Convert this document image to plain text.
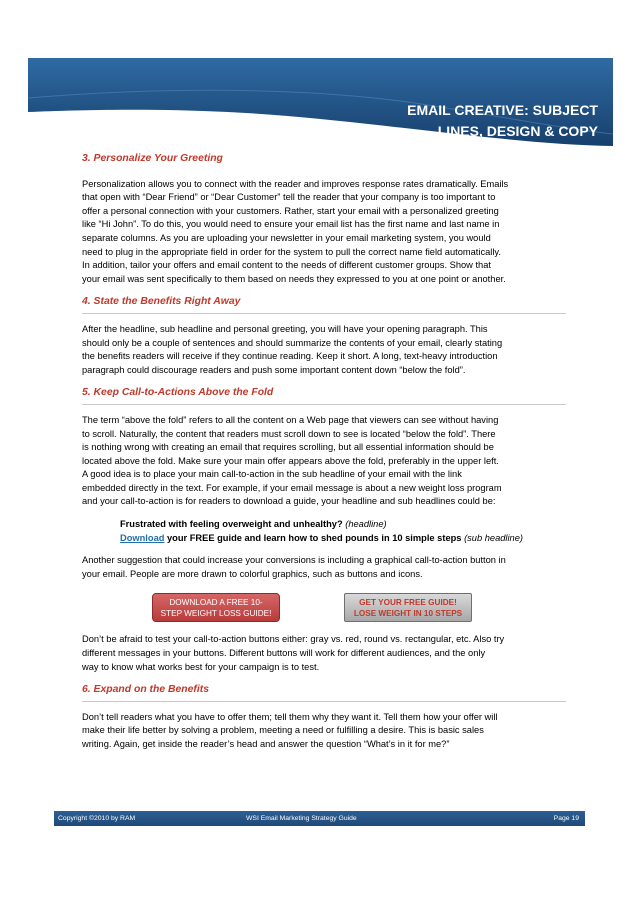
EMAIL CREATIVE: SUBJECT
LINES, DESIGN & COPY

3. Personalize Your Greeting

Personalization allows you to connect with the reader and improves response rates dramatically. Emails

that open with “Dear Friend” or “Dear Customer” tell the reader that your company is too important to

offer a personal connection with your customers. Rather, start your email with a personalized greeting

like “Hi John”. To do this, you would need to ensure your email list has the first name and last name in

separate columns. As you are uploading your newsletter in your email marketing system, you would

need to plug in the appropriate field in order for the system to pull the correct name field automatically.

In addition, tailor your offers and email content to the needs of different customer groups. Show that

your email was sent specifically to them based on needs they expressed to you at one point or another.

4. State the Benefits Right Away

After the headline, sub headline and personal greeting, you will have your opening paragraph. This

should only be a couple of sentences and should summarize the contents of your email, clearly stating

the benefits readers will receive if they continue reading. Keep it short. A long, text-heavy introduction

paragraph could discourage readers and push some important content down “below the fold”.

5. Keep Call-to-Actions Above the Fold

The term “above the fold” refers to all the content on a Web page that viewers can see without having

to scroll. Naturally, the content that readers must scroll down to see is located “below the fold”. There

is nothing wrong with creating an email that requires scrolling, but all essential information should be

located above the fold. Make sure your main offer appears above the fold, preferably in the upper left.

A good idea is to place your main call-to-action in the sub headline of your email with the link

embedded directly in the text. For example, if your email message is about a new weight loss program

and your call-to-action is for readers to download a guide, your headline and sub headlines could be:

Frustrated with feeling overweight and unhealthy? (headline)

Download your FREE guide and learn how to shed pounds in 10 simple steps (sub headline)

Another suggestion that could increase your conversions is including a graphical call-to-action button in

your email. People are more drawn to colorful graphics, such as buttons and icons.

DOWNLOAD A FREE 10-
STEP WEIGHT LOSS GUIDE!
GET YOUR FREE GUIDE!
LOSE WEIGHT IN 10 STEPS

Don’t be afraid to test your call-to-action buttons either: gray vs. red, round vs. rectangular, etc. Also try

different messages in your buttons. Different buttons will work for different audiences, and the only

way to know what works best for your campaign is to test.

6. Expand on the Benefits

Don’t tell readers what you have to offer them; tell them why they want it. Tell them how your offer will

make their life better by solving a problem, meeting a need or fulfilling a desire. This is basic sales

writing. Again, get inside the reader’s head and answer the question “What’s in it for me?”

Copyright ©2010 by RAM	WSI Email Marketing Strategy Guide	Page 19
